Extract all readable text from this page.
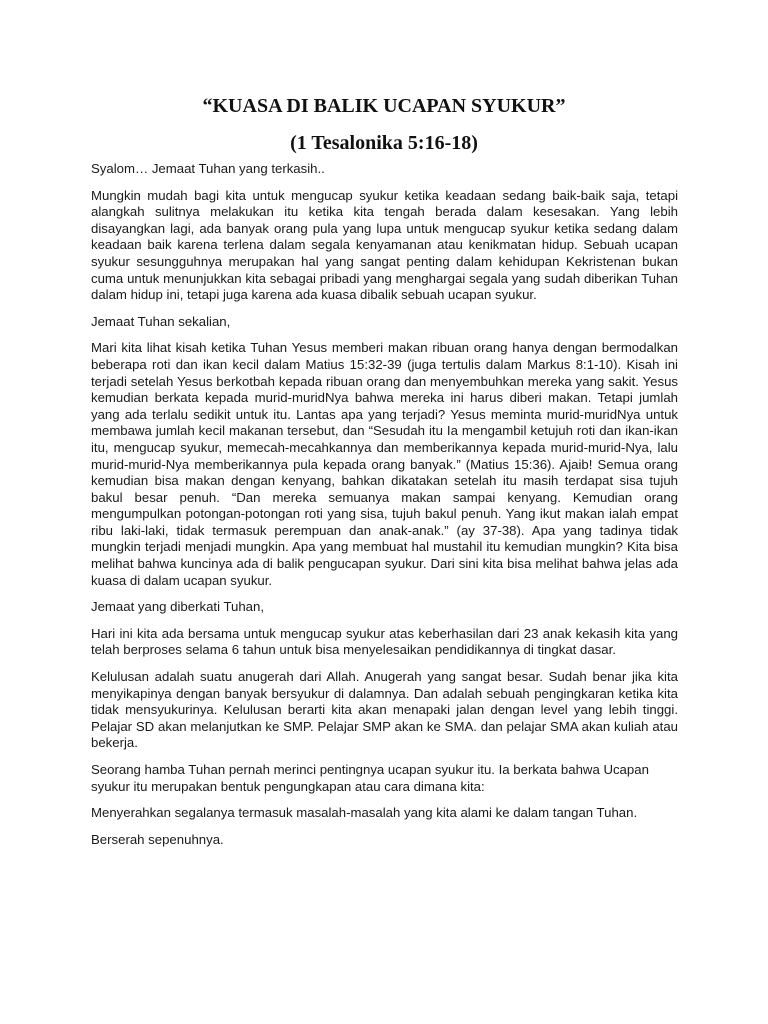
“KUASA DI BALIK UCAPAN SYUKUR”
(1 Tesalonika 5:16-18)

Syalom… Jemaat Tuhan yang terkasih..

Mungkin mudah bagi kita untuk mengucap syukur ketika keadaan sedang baik-baik saja, tetapi alangkah sulitnya melakukan itu ketika kita tengah berada dalam kesesakan. Yang lebih disayangkan lagi, ada banyak orang pula yang lupa untuk mengucap syukur ketika sedang dalam keadaan baik karena terlena dalam segala kenyamanan atau kenikmatan hidup. Sebuah ucapan syukur sesungguhnya merupakan hal yang sangat penting dalam kehidupan Kekristenan bukan cuma untuk menunjukkan kita sebagai pribadi yang menghargai segala yang sudah diberikan Tuhan dalam hidup ini, tetapi juga karena ada kuasa dibalik sebuah ucapan syukur.

Jemaat Tuhan sekalian,

Mari kita lihat kisah ketika Tuhan Yesus memberi makan ribuan orang hanya dengan bermodalkan beberapa roti dan ikan kecil dalam Matius 15:32-39 (juga tertulis dalam Markus 8:1-10). Kisah ini terjadi setelah Yesus berkotbah kepada ribuan orang dan menyembuhkan mereka yang sakit. Yesus kemudian berkata kepada murid-muridNya bahwa mereka ini harus diberi makan. Tetapi jumlah yang ada terlalu sedikit untuk itu. Lantas apa yang terjadi? Yesus meminta murid-muridNya untuk membawa jumlah kecil makanan tersebut, dan “Sesudah itu Ia mengambil ketujuh roti dan ikan-ikan itu, mengucap syukur, memecah-mecahkannya dan memberikannya kepada murid-murid-Nya, lalu murid-murid-Nya memberikannya pula kepada orang banyak.” (Matius 15:36). Ajaib! Semua orang kemudian bisa makan dengan kenyang, bahkan dikatakan setelah itu masih terdapat sisa tujuh bakul besar penuh. “Dan mereka semuanya makan sampai kenyang. Kemudian orang mengumpulkan potongan-potongan roti yang sisa, tujuh bakul penuh. Yang ikut makan ialah empat ribu laki-laki, tidak termasuk perempuan dan anak-anak.” (ay 37-38). Apa yang tadinya tidak mungkin terjadi menjadi mungkin. Apa yang membuat hal mustahil itu kemudian mungkin? Kita bisa melihat bahwa kuncinya ada di balik pengucapan syukur. Dari sini kita bisa melihat bahwa jelas ada kuasa di dalam ucapan syukur.

Jemaat yang diberkati Tuhan,

Hari ini kita ada bersama untuk mengucap syukur atas keberhasilan dari 23 anak kekasih kita yang telah berproses selama 6 tahun untuk bisa menyelesaikan pendidikannya di tingkat dasar.

Kelulusan adalah suatu anugerah dari Allah. Anugerah yang sangat besar. Sudah benar jika kita menyikapinya dengan banyak bersyukur di dalamnya. Dan adalah sebuah pengingkaran ketika kita tidak mensyukurinya. Kelulusan berarti kita akan menapaki jalan dengan level yang lebih tinggi. Pelajar SD akan melanjutkan ke SMP. Pelajar SMP akan ke SMA. dan pelajar SMA akan kuliah atau bekerja.

Seorang hamba Tuhan pernah merinci pentingnya ucapan syukur itu. Ia berkata bahwa Ucapan syukur itu merupakan bentuk pengungkapan atau cara dimana kita:

Menyerahkan segalanya termasuk masalah-masalah yang kita alami ke dalam tangan Tuhan.

Berserah sepenuhnya.
